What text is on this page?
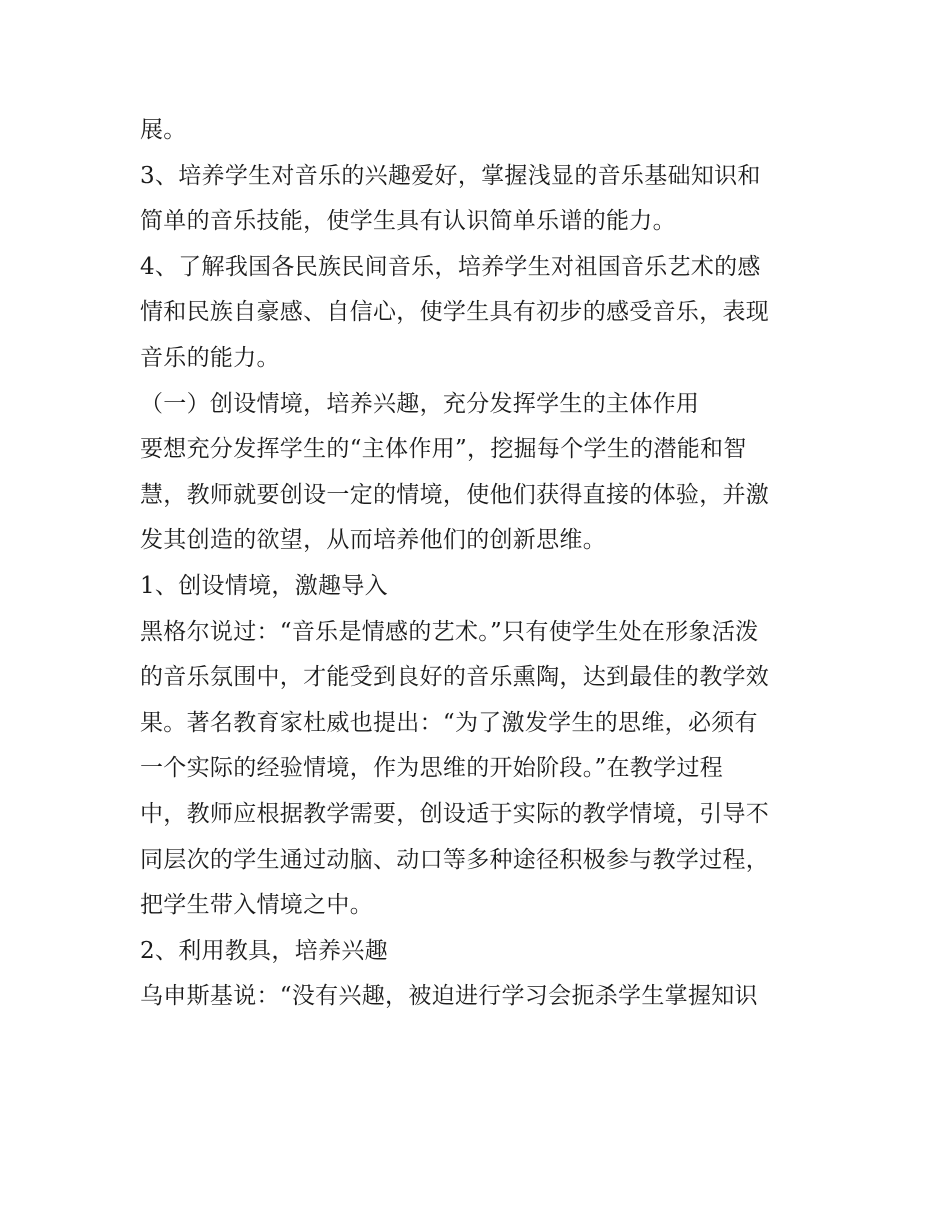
展。
3、培养学生对音乐的兴趣爱好，掌握浅显的音乐基础知识和
简单的音乐技能，使学生具有认识简单乐谱的能力。
4、了解我国各民族民间音乐，培养学生对祖国音乐艺术的感
情和民族自豪感、自信心，使学生具有初步的感受音乐，表现
音乐的能力。
（一）创设情境，培养兴趣，充分发挥学生的主体作用
要想充分发挥学生的“主体作用”，挖掘每个学生的潜能和智
慧，教师就要创设一定的情境，使他们获得直接的体验，并激
发其创造的欲望，从而培养他们的创新思维。
1、创设情境，激趣导入
黑格尔说过：“音乐是情感的艺术。”只有使学生处在形象活泼
的音乐氛围中，才能受到良好的音乐熏陶，达到最佳的教学效
果。著名教育家杜威也提出：“为了激发学生的思维，必须有
一个实际的经验情境，作为思维的开始阶段。”在教学过程
中，教师应根据教学需要，创设适于实际的教学情境，引导不
同层次的学生通过动脑、动口等多种途径积极参与教学过程，
把学生带入情境之中。
2、利用教具，培养兴趣
乌申斯基说：“没有兴趣，被迫进行学习会扼杀学生掌握知识
